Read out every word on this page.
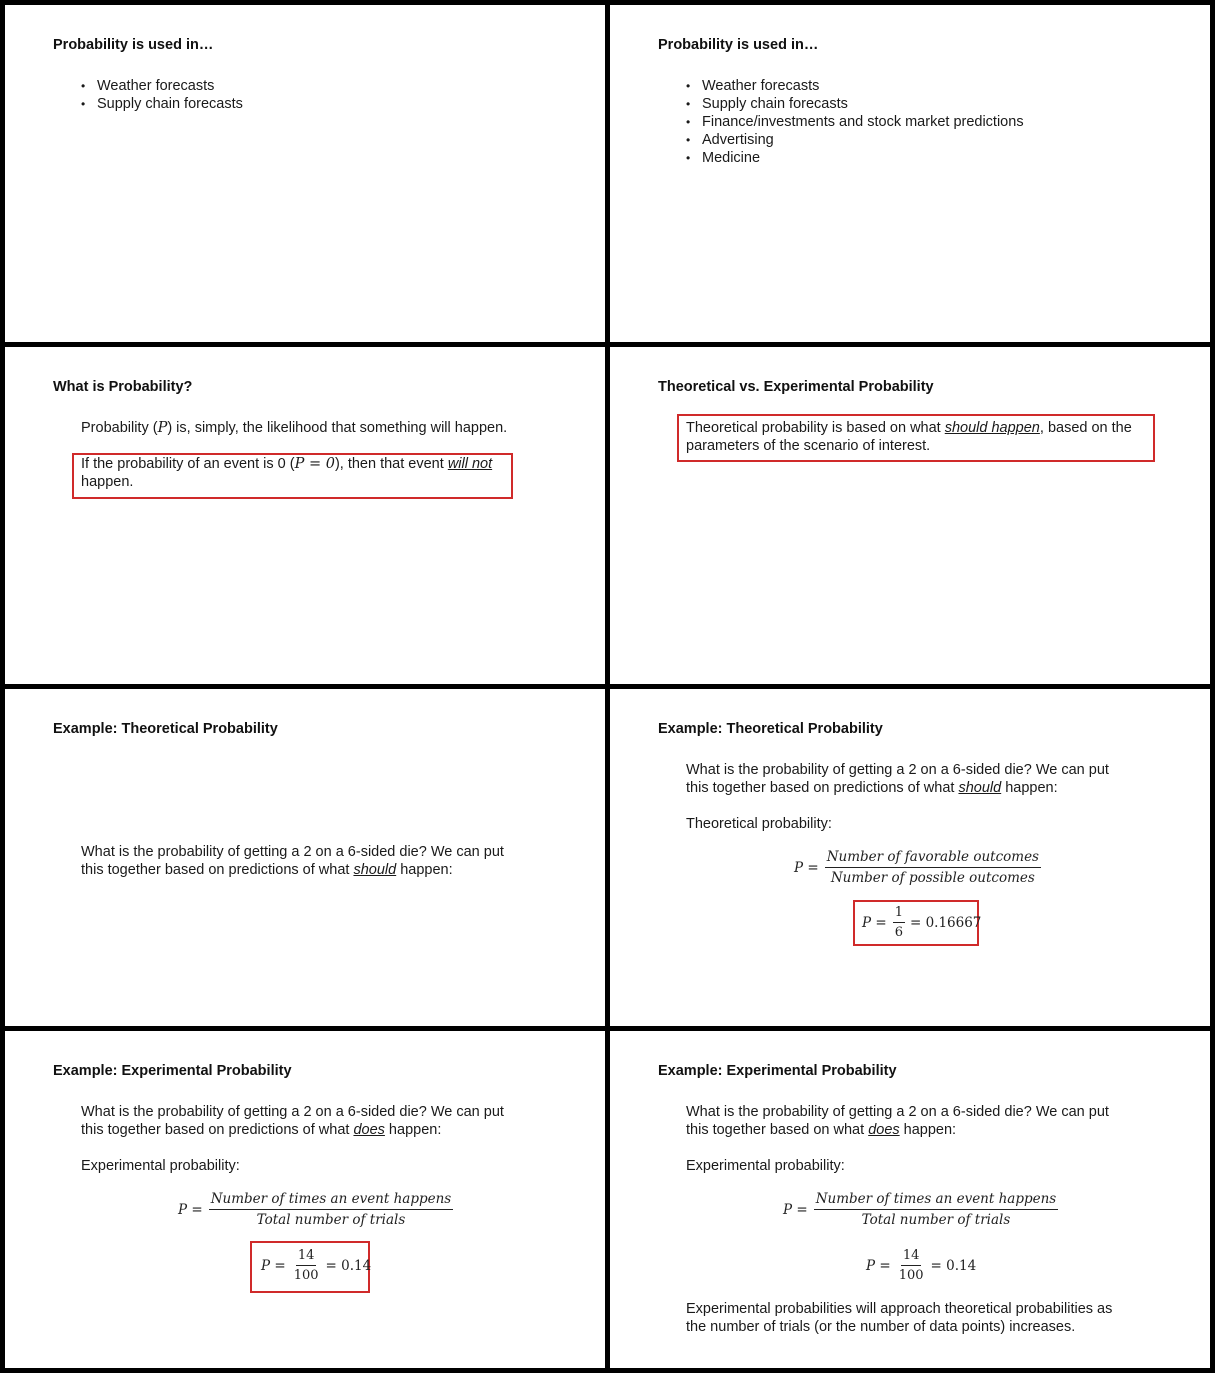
Probability is used in…
• Weather forecasts
• Supply chain forecasts
Probability is used in…
• Weather forecasts
• Supply chain forecasts
• Finance/investments and stock market predictions
• Advertising
• Medicine
What is Probability?
Probability (P) is, simply, the likelihood that something will happen.
If the probability of an event is 0 (P = 0), then that event will not
happen.
Theoretical vs. Experimental Probability
Theoretical probability is based on what should happen, based on the
parameters of the scenario of interest.
Example: Theoretical Probability
What is the probability of getting a 2 on a 6-sided die? We can put
this together based on predictions of what should happen:
Example: Theoretical Probability
What is the probability of getting a 2 on a 6-sided die? We can put
this together based on predictions of what should happen:
Theoretical probability:
$P = \frac{\text{Number of favorable outcomes}}{\text{Number of possible outcomes}}$
$P = \frac{1}{6} = 0.16667$
Example: Experimental Probability
What is the probability of getting a 2 on a 6-sided die? We can put
this together based on predictions of what does happen:
Experimental probability:
$P = \frac{\text{Number of times an event happens}}{\text{Total number of trials}}$
$P = \frac{14}{100} = 0.14$
Example: Experimental Probability
What is the probability of getting a 2 on a 6-sided die? We can put
this together based on what does happen:
Experimental probability:
$P = \frac{\text{Number of times an event happens}}{\text{Total number of trials}}$
$P = \frac{14}{100} = 0.14$
Experimental probabilities will approach theoretical probabilities as
the number of trials (or the number of data points) increases.
